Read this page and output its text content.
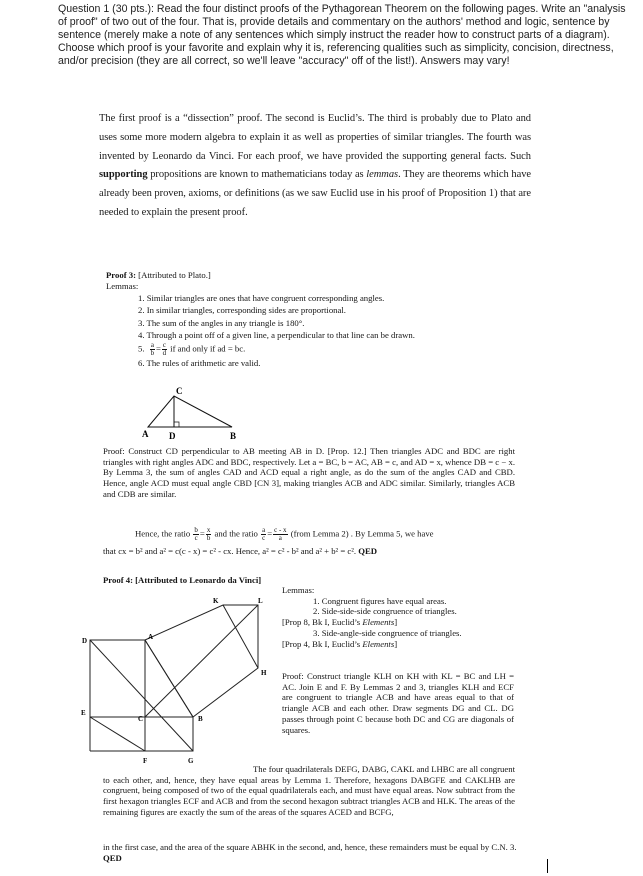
Question 1 (30 pts.): Read the four distinct proofs of the Pythagorean Theorem on the following pages. Write an "analysis of proof" of two out of the four. That is, provide details and commentary on the authors' method and logic, sentence by sentence (merely make a note of any sentences which simply instruct the reader how to construct parts of a diagram). Choose which proof is your favorite and explain why it is, referencing qualities such as simplicity, concision, directness, and/or precision (they are all correct, so we'll leave "accuracy" off of the list!). Answers may vary!

The first proof is a “dissection” proof. The second is Euclid’s. The third is probably due to Plato and uses some more modern algebra to explain it as well as properties of similar triangles. The fourth was invented by Leonardo da Vinci. For each proof, we have provided the supporting general facts. Such supporting propositions are known to mathematicians today as lemmas. They are theorems which have already been proven, axioms, or definitions (as we saw Euclid use in his proof of Proposition 1) that are needed to explain the present proof.

Proof 3: [Attributed to Plato.]
Lemmas:
1. Similar triangles are ones that have congruent corresponding angles.
2. In similar triangles, corresponding sides are proportional.
3. The sum of the angles in any triangle is 180°.
4. Through a point off of a given line, a perpendicular to that line can be drawn.
5. $\frac{a}{b} = \frac{c}{d}$ if and only if ad = bc.
6. The rules of arithmetic are valid.
C
A D	B
Proof: Construct CD perpendicular to AB meeting AB in D. [Prop. 12.] Then triangles ADC and BDC are right triangles with right angles ADC and BDC, respectively. Let a = BC, b = AC, AB = c, and AD = x, whence DB = c − x. By Lemma 3, the sum of angles CAD and ACD equal a right angle, as do the sum of the angles CAD and CBD. Hence, angle ACD must equal angle CBD [CN 3], making triangles ACB and ADC similar. Similarly, triangles ACB and CDB are similar.
Hence, the ratio $\frac{b}{c} = \frac{x}{b}$ and the ratio $\frac{a}{c} = \frac{c - x}{a}$ (from Lemma 2) . By Lemma 5, we have
that cx = b² and a² = c(c - x) = c² - cx. Hence, a² = c² - b² and a² + b² = c². QED
Proof 4: [Attributed to Leonardo da Vinci]
Lemmas:
1. Congruent figures have equal areas.
2. Side-side-side congruence of triangles.
[Prop 8, Bk I, Euclid’s Elements]
3. Side-angle-side congruence of triangles.
[Prop 4, Bk I, Euclid’s Elements]
K	L
D	A
H
E
C	B
F	G
Proof: Construct triangle KLH on KH with KL = BC and LH = AC. Join E and F. By Lemmas 2 and 3, triangles KLH and ECF are congruent to triangle ACB and have areas equal to that of triangle ACB and each other. Draw segments DG and CL. DG passes through point C because both DC and CG are diagonals of squares.
The four quadrilaterals DEFG, DABG, CAKL and LHBC are all congruent to each other, and, hence, they have equal areas by Lemma 1. Therefore, hexagons DABGFE and CAKLHB are congruent, being composed of two of the equal quadrilaterals each, and must have equal areas. Now subtract from the first hexagon triangles ECF and ACB and from the second hexagon subtract triangles ACB and HLK. The areas of the remaining figures are exactly the sum of the areas of the squares ACED and BCFG,
in the first case, and the area of the square ABHK in the second, and, hence, these remainders must be equal by C.N. 3. QED
